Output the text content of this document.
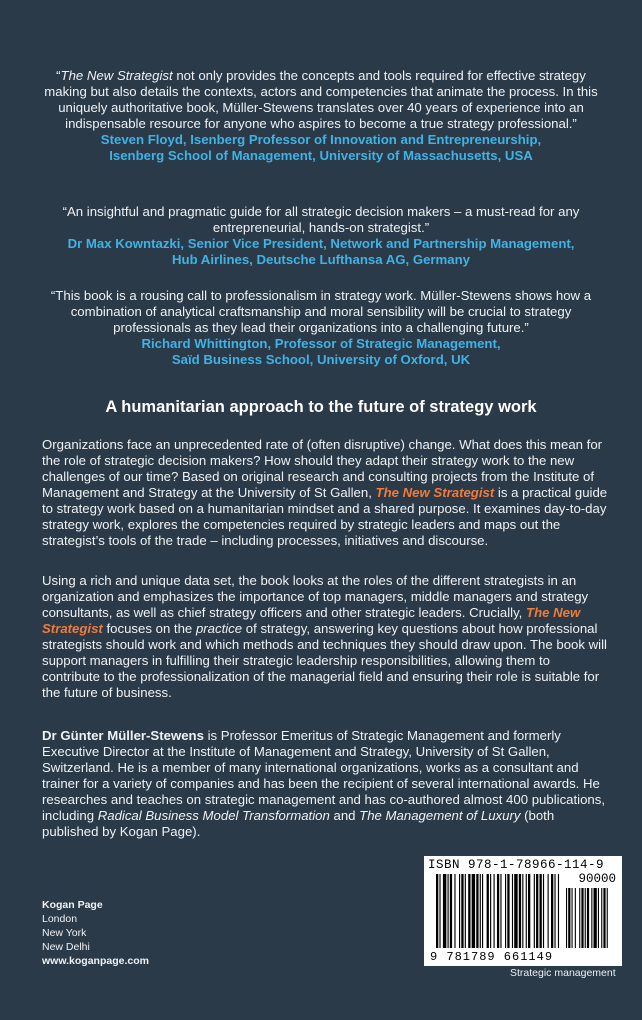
“The New Strategist not only provides the concepts and tools required for effective strategy making but also details the contexts, actors and competencies that animate the process. In this uniquely authoritative book, Müller-Stewens translates over 40 years of experience into an indispensable resource for anyone who aspires to become a true strategy professional.”
Steven Floyd, Isenberg Professor of Innovation and Entrepreneurship,
Isenberg School of Management, University of Massachusetts, USA
“An insightful and pragmatic guide for all strategic decision makers – a must-read for any entrepreneurial, hands-on strategist.”
Dr Max Kowntazki, Senior Vice President, Network and Partnership Management,
Hub Airlines, Deutsche Lufthansa AG, Germany
“This book is a rousing call to professionalism in strategy work. Müller-Stewens shows how a combination of analytical craftsmanship and moral sensibility will be crucial to strategy professionals as they lead their organizations into a challenging future.”
Richard Whittington, Professor of Strategic Management,
Saïd Business School, University of Oxford, UK
A humanitarian approach to the future of strategy work
Organizations face an unprecedented rate of (often disruptive) change. What does this mean for the role of strategic decision makers? How should they adapt their strategy work to the new challenges of our time? Based on original research and consulting projects from the Institute of Management and Strategy at the University of St Gallen, The New Strategist is a practical guide to strategy work based on a humanitarian mindset and a shared purpose. It examines day-to-day strategy work, explores the competencies required by strategic leaders and maps out the strategist’s tools of the trade – including processes, initiatives and discourse.
Using a rich and unique data set, the book looks at the roles of the different strategists in an organization and emphasizes the importance of top managers, middle managers and strategy consultants, as well as chief strategy officers and other strategic leaders. Crucially, The New Strategist focuses on the practice of strategy, answering key questions about how professional strategists should work and which methods and techniques they should draw upon. The book will support managers in fulfilling their strategic leadership responsibilities, allowing them to contribute to the professionalization of the managerial field and ensuring their role is suitable for the future of business.
Dr Günter Müller-Stewens is Professor Emeritus of Strategic Management and formerly Executive Director at the Institute of Management and Strategy, University of St Gallen, Switzerland. He is a member of many international organizations, works as a consultant and trainer for a variety of companies and has been the recipient of several international awards. He researches and teaches on strategic management and has co-authored almost 400 publications, including Radical Business Model Transformation and The Management of Luxury (both published by Kogan Page).
Kogan Page
London
New York
New Delhi
www.koganpage.com
ISBN 978-1-78966-114-9
90000
9 781789 661149
Strategic management
